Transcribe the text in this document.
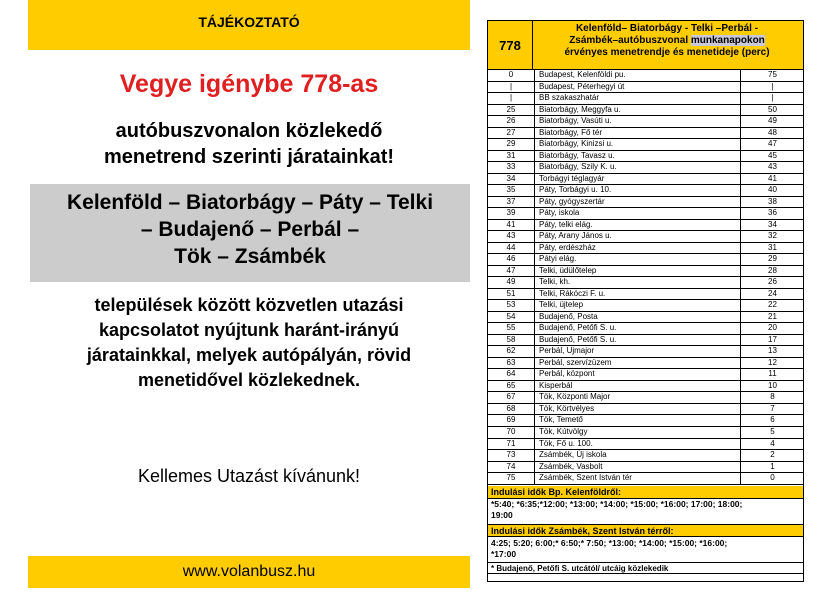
TÁJÉKOZTATÓ
Vegye igénybe 778-as
autóbuszvonalon közlekedő
menetrend szerinti járatainkat!
Kelenföld – Biatorbágy – Páty – Telki
– Budajenő – Perbál –
Tök – Zsámbék
települések között közvetlen utazási
kapcsolatot nyújtunk haránt-irányú
járatainkkal, melyek autópályán, rövid
menetidővel közlekednek.
Kellemes Utazást kívánunk!
www.volanbusz.hu
778
Kelenföld– Biatorbágy - Telki –Perbál -
Zsámbék–autóbuszvonal munkanapokon
érvényes menetrendje és menetideje (perc)
0	Budapest, Kelenföldi pu.	75
|	Budapest, Péterhegyi út	|
|	BB szakaszhatár	|
25	Biatorbágy, Meggyfa u.	50
26	Biatorbágy, Vasúti u.	49
27	Biatorbágy, Fő tér	48
29	Biatorbágy, Kinizsi u.	47
31	Biatorbágy, Tavasz u.	45
33	Biatorbágy, Szily K. u.	43
34	Torbágyi téglagyár	41
35	Páty, Torbágyi u. 10.	40
37	Páty, gyógyszertár	38
39	Páty, iskola	36
41	Páty, telki elág.	34
43	Páty, Arany János u.	32
44	Páty, erdészház	31
46	Pátyi elág.	29
47	Telki, üdülőtelep	28
49	Telki, kh.	26
51	Telki, Rákóczi F. u.	24
53	Telki, üjtelep	22
54	Budajenő, Posta	21
55	Budajenő, Petőfi S. u.	20
58	Budajenő, Petőfi S. u.	17
62	Perbál, Ujmajor	13
63	Perbál, szervízüzem	12
64	Perbál, központ	11
65	Kisperbál	10
67	Tök, Központi Major	8
68	Tök, Körtvélyes	7
69	Tök, Temető	6
70	Tök, Kútvölgy	5
71	Tök, Fő u. 100.	4
73	Zsámbék, Új iskola	2
74	Zsámbék, Vasbolt	1
75	Zsámbék, Szent István tér	0
Indulási idők Bp. Kelenföldről:
*5:40; *6:35;*12:00; *13:00; *14:00; *15:00; *16:00; 17:00; 18:00;
19:00
Indulási idők Zsámbék, Szent István térről:
4:25; 5:20; 6:00;* 6:50;* 7:50; *13:00; *14:00; *15:00; *16:00;
*17:00
* Budajenő, Petőfi S. utcától/ utcáig közlekedik
